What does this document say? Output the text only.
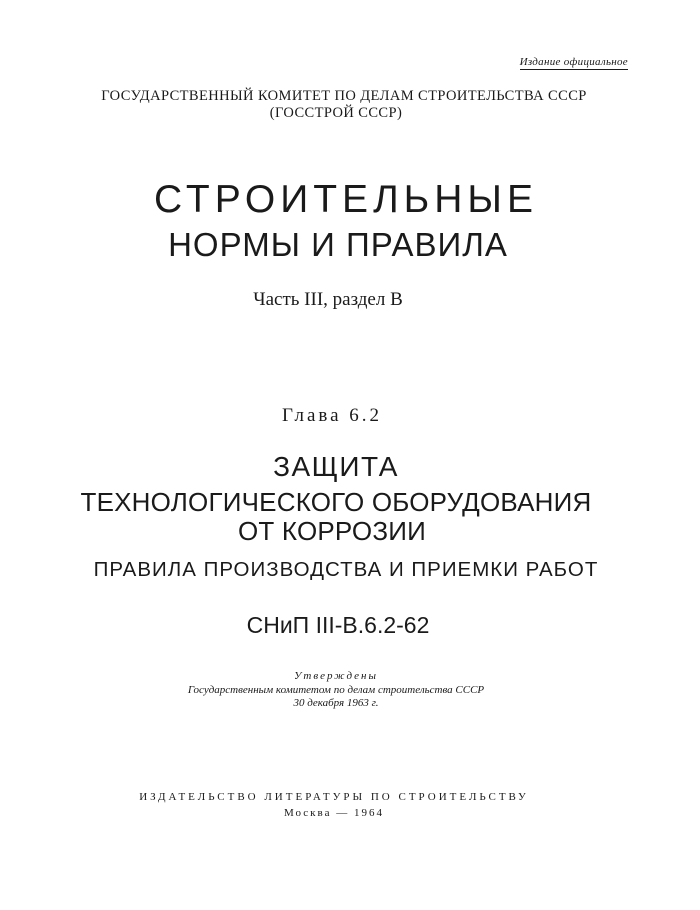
Издание официальное
ГОСУДАРСТВЕННЫЙ КОМИТЕТ ПО ДЕЛАМ СТРОИТЕЛЬСТВА СССР
(ГОССТРОЙ СССР)
СТРОИТЕЛЬНЫЕ
НОРМЫ И ПРАВИЛА
Часть III, раздел В
Глава 6.2
ЗАЩИТА
ТЕХНОЛОГИЧЕСКОГО ОБОРУДОВАНИЯ
ОТ КОРРОЗИИ
ПРАВИЛА ПРОИЗВОДСТВА И ПРИЕМКИ РАБОТ
СНиП III-В.6.2-62
Утверждены
Государственным комитетом по делам строительства СССР
30 декабря 1963 г.
ИЗДАТЕЛЬСТВО ЛИТЕРАТУРЫ ПО СТРОИТЕЛЬСТВУ
Москва — 1964
